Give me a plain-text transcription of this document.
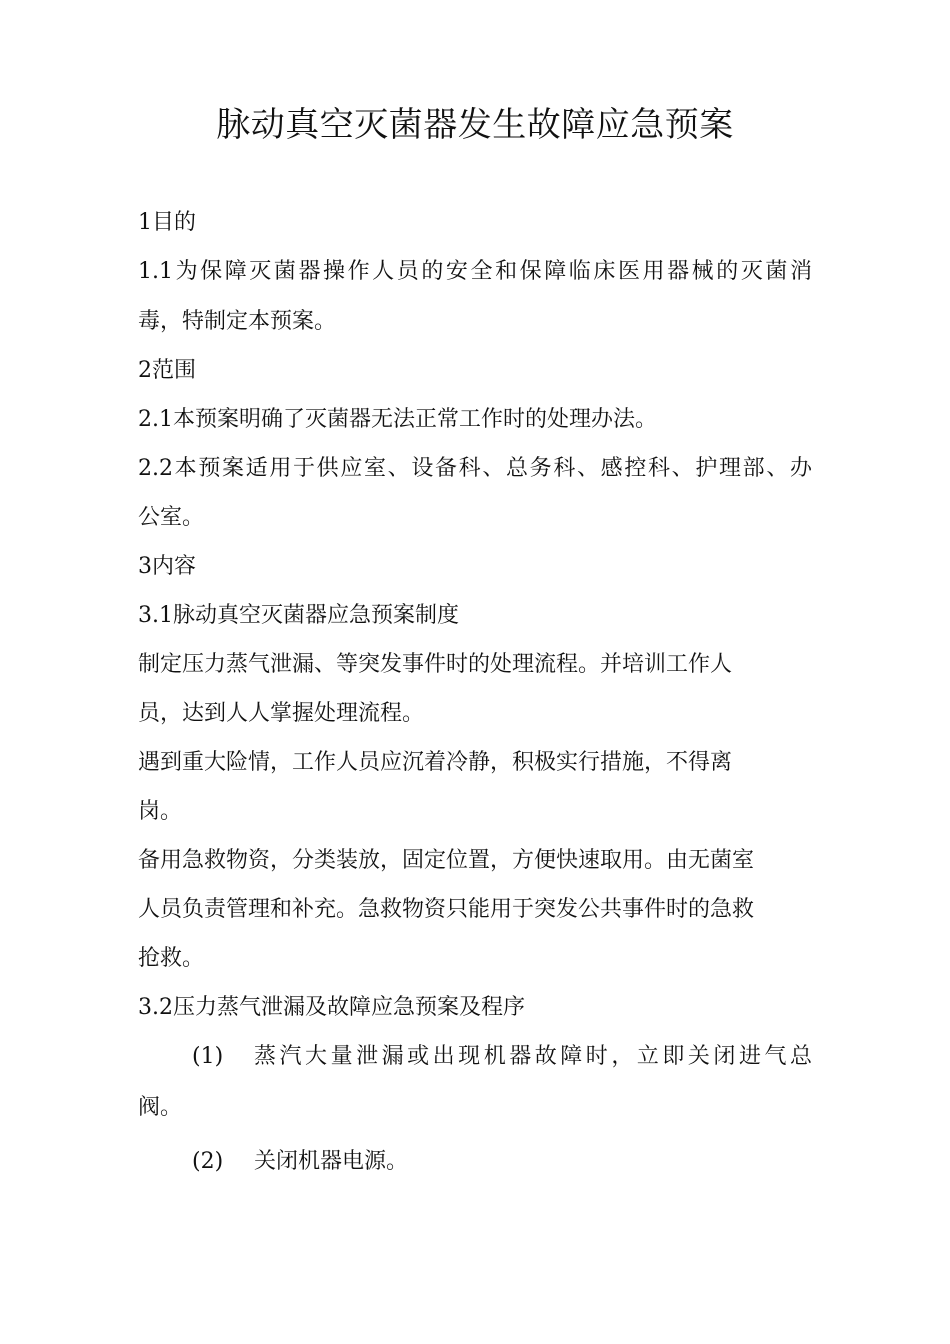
脉动真空灭菌器发生故障应急预案
1目的
1.1为保障灭菌器操作人员的安全和保障临床医用器械的灭菌消
毒，特制定本预案。
2范围
2.1本预案明确了灭菌器无法正常工作时的处理办法。
2.2本预案适用于供应室、设备科、总务科、感控科、护理部、办
公室。
3内容
3.1脉动真空灭菌器应急预案制度
制定压力蒸气泄漏、等突发事件时的处理流程。并培训工作人
员，达到人人掌握处理流程。
遇到重大险情，工作人员应沉着冷静，积极实行措施，不得离
岗。
备用急救物资，分类装放，固定位置，方便快速取用。由无菌室
人员负责管理和补充。急救物资只能用于突发公共事件时的急救
抢救。
3.2压力蒸气泄漏及故障应急预案及程序
(1) 蒸汽大量泄漏或出现机器故障时，立即关闭进气总
阀。
(2) 关闭机器电源。
